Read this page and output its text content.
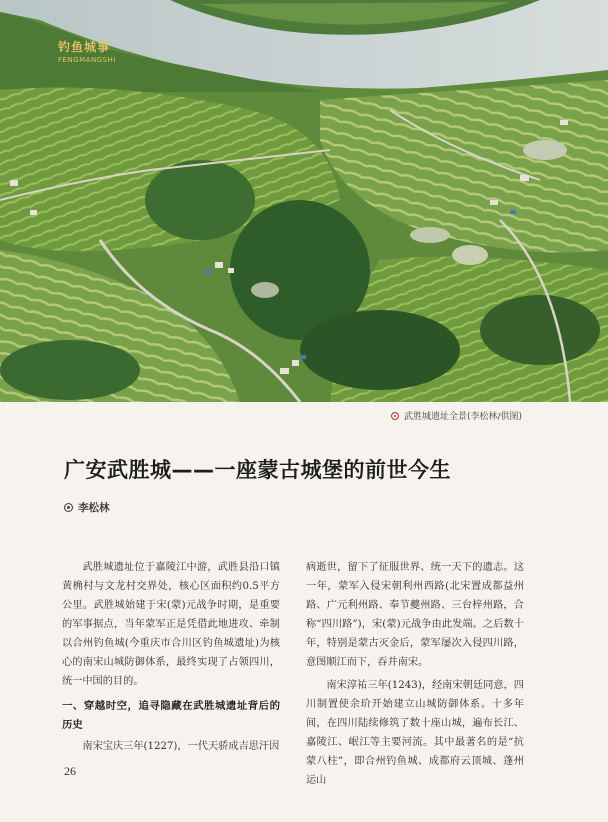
钓鱼城事
FENGMANGSHI
武胜城遗址全景(李松林/供图)
广安武胜城——一座蒙古城堡的前世今生
李松林

武胜城遗址位于嘉陵江中游，武胜县沿口镇黄桷村与文龙村交界处，核心区面积约0.5平方公里。武胜城始建于宋(蒙)元战争时期，是重要的军事据点，当年蒙军正是凭借此地进攻、牵制以合州钓鱼城(今重庆市合川区钓鱼城遗址)为核心的南宋山城防御体系，最终实现了占领四川，统一中国的目的。

一、穿越时空，追寻隐藏在武胜城遗址背后的历史

南宋宝庆三年(1227)，一代天骄成吉思汗因

病逝世，留下了征服世界、统一天下的遗志。这一年，蒙军入侵宋朝利州西路(北宋置成都益州路、广元利州路、奉节夔州路、三台梓州路，合称“四川路”)，宋(蒙)元战争由此发端。之后数十年，特别是蒙古灭金后，蒙军屡次入侵四川路，意图顺江而下，吞并南宋。

南宋淳祐三年(1243)，经南宋朝廷同意，四川制置使余玠开始建立山城防御体系。十多年间，在四川陆续修筑了数十座山城，遍布长江、嘉陵江、岷江等主要河流。其中最著名的是“抗蒙八柱”，即合州钓鱼城、成都府云顶城、蓬州运山

26
